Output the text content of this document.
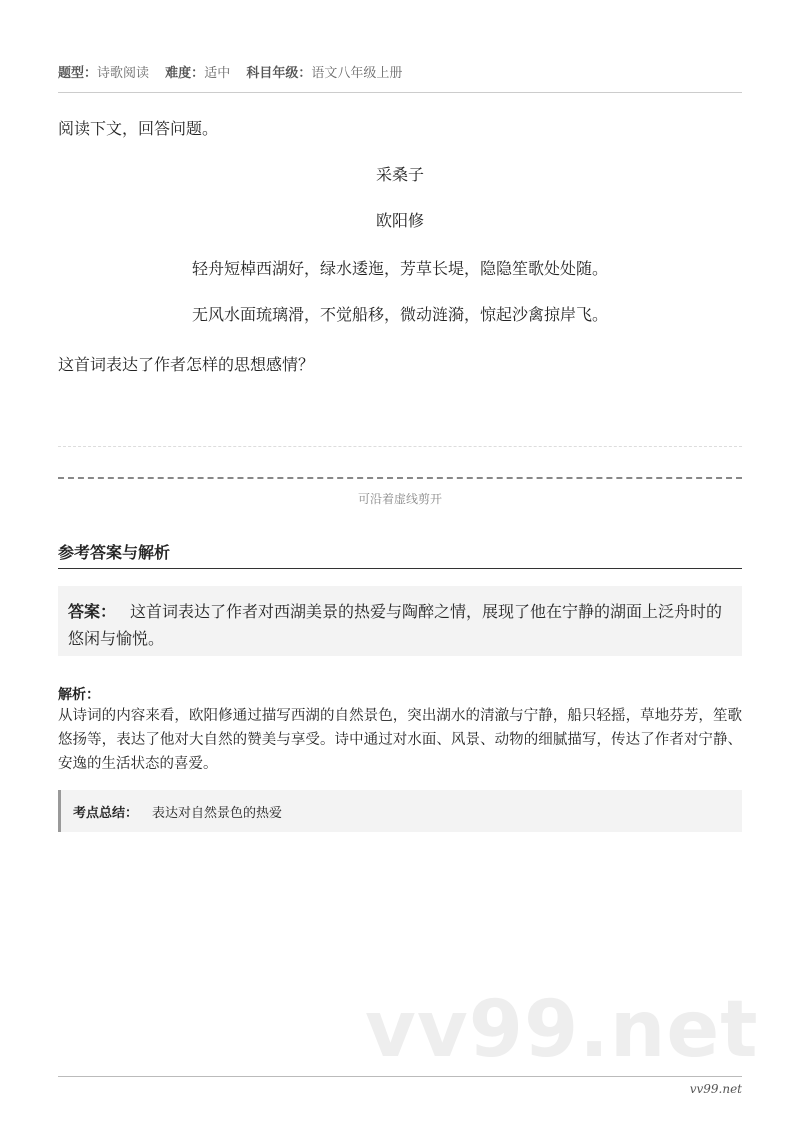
题型：诗歌阅读 难度：适中 科目年级：语文八年级上册
阅读下文，回答问题。
采桑子
欧阳修
轻舟短棹西湖好，绿水逶迤，芳草长堤，隐隐笙歌处处随。
无风水面琉璃滑，不觉船移，微动涟漪，惊起沙禽掠岸飞。
这首词表达了作者怎样的思想感情？
可沿着虚线剪开
参考答案与解析
答案： 这首词表达了作者对西湖美景的热爱与陶醉之情，展现了他在宁静的湖面上泛舟时的悠闲与愉悦。
解析：
从诗词的内容来看，欧阳修通过描写西湖的自然景色，突出湖水的清澈与宁静，船只轻摇，草地芬芳，笙歌悠扬等，表达了他对大自然的赞美与享受。诗中通过对水面、风景、动物的细腻描写，传达了作者对宁静、安逸的生活状态的喜爱。
考点总结： 表达对自然景色的热爱
vv99.net
vv99.net
